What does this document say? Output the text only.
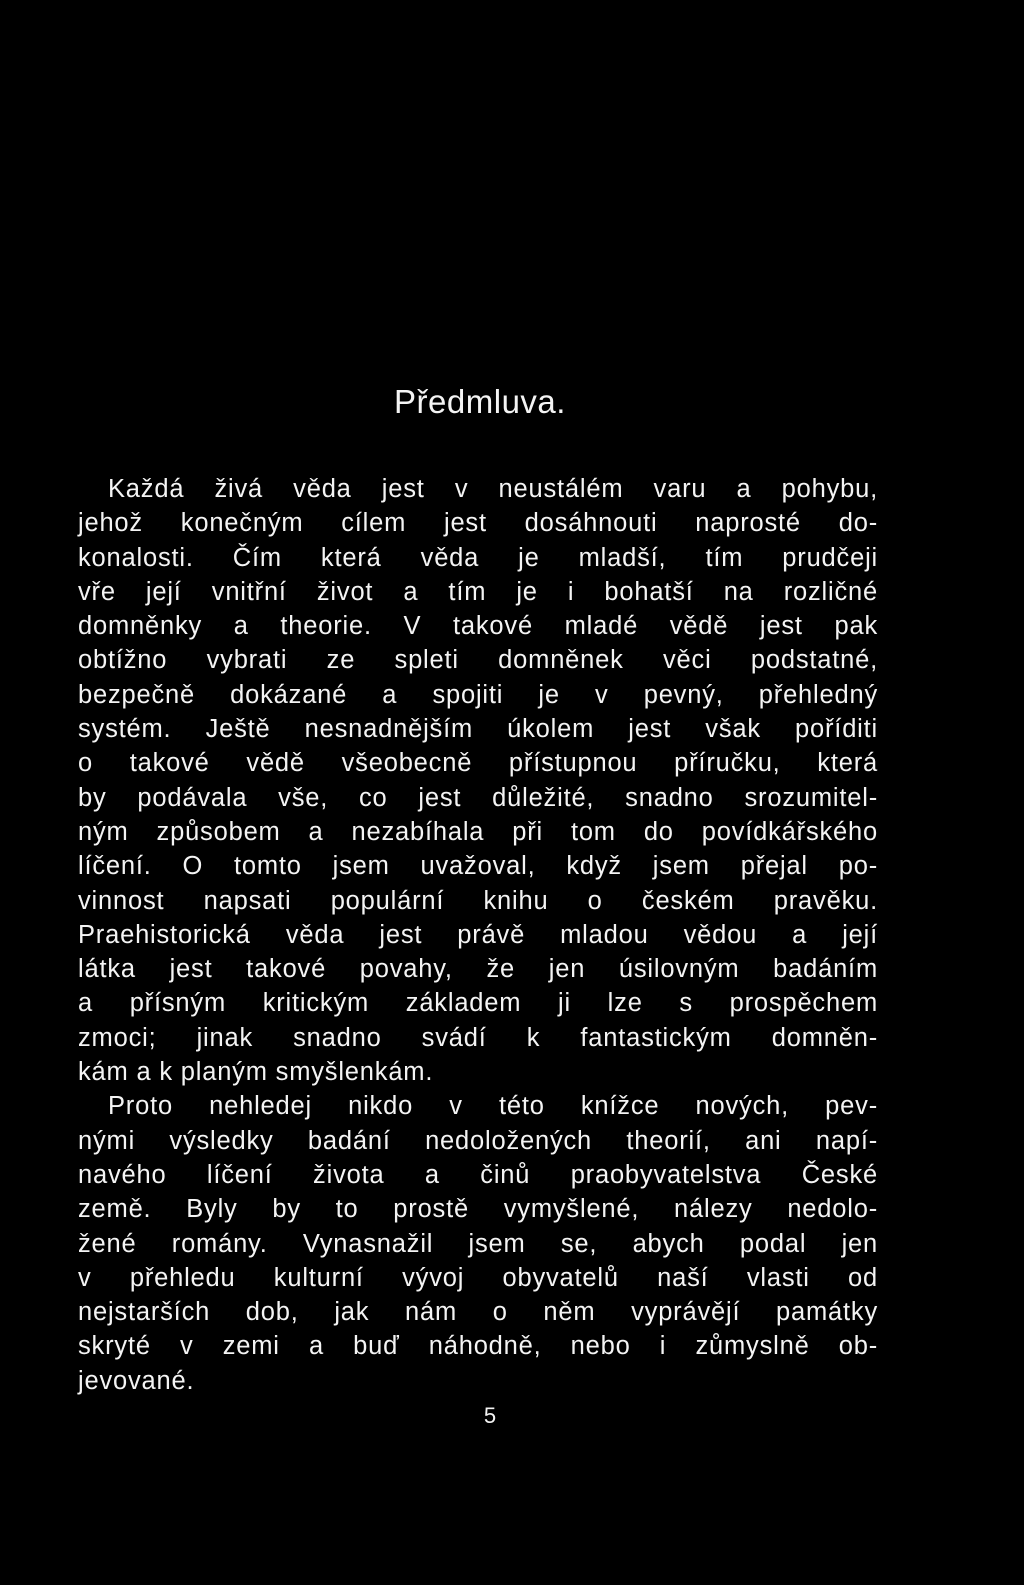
Předmluva.
Každá živá věda jest v neustálém varu a pohybu,
jehož konečným cílem jest dosáhnouti naprosté do-
konalosti. Čím která věda je mladší, tím prudčeji
vře její vnitřní život a tím je i bohatší na rozličné
domněnky a theorie. V takové mladé vědě jest pak
obtížno vybrati ze spleti domněnek věci podstatné,
bezpečně dokázané a spojiti je v pevný, přehledný
systém. Ještě nesnadnějším úkolem jest však poříditi
o takové vědě všeobecně přístupnou příručku, která
by podávala vše, co jest důležité, snadno srozumitel-
ným způsobem a nezabíhala při tom do povídkářského
líčení. O tomto jsem uvažoval, když jsem přejal po-
vinnost napsati populární knihu o českém pravěku.
Praehistorická věda jest právě mladou vědou a její
látka jest takové povahy, že jen úsilovným badáním
a přísným kritickým základem ji lze s prospěchem
zmoci; jinak snadno svádí k fantastickým domněn-
kám a k planým smyšlenkám.
Proto nehledej nikdo v této knížce nových, pev-
nými výsledky badání nedoložených theorií, ani napí-
navého líčení života a činů praobyvatelstva České
země. Byly by to prostě vymyšlené, nálezy nedolo-
žené romány. Vynasnažil jsem se, abych podal jen
v přehledu kulturní vývoj obyvatelů naší vlasti od
nejstarších dob, jak nám o něm vyprávějí památky
skryté v zemi a buď náhodně, nebo i zůmyslně ob-
jevované.
5
